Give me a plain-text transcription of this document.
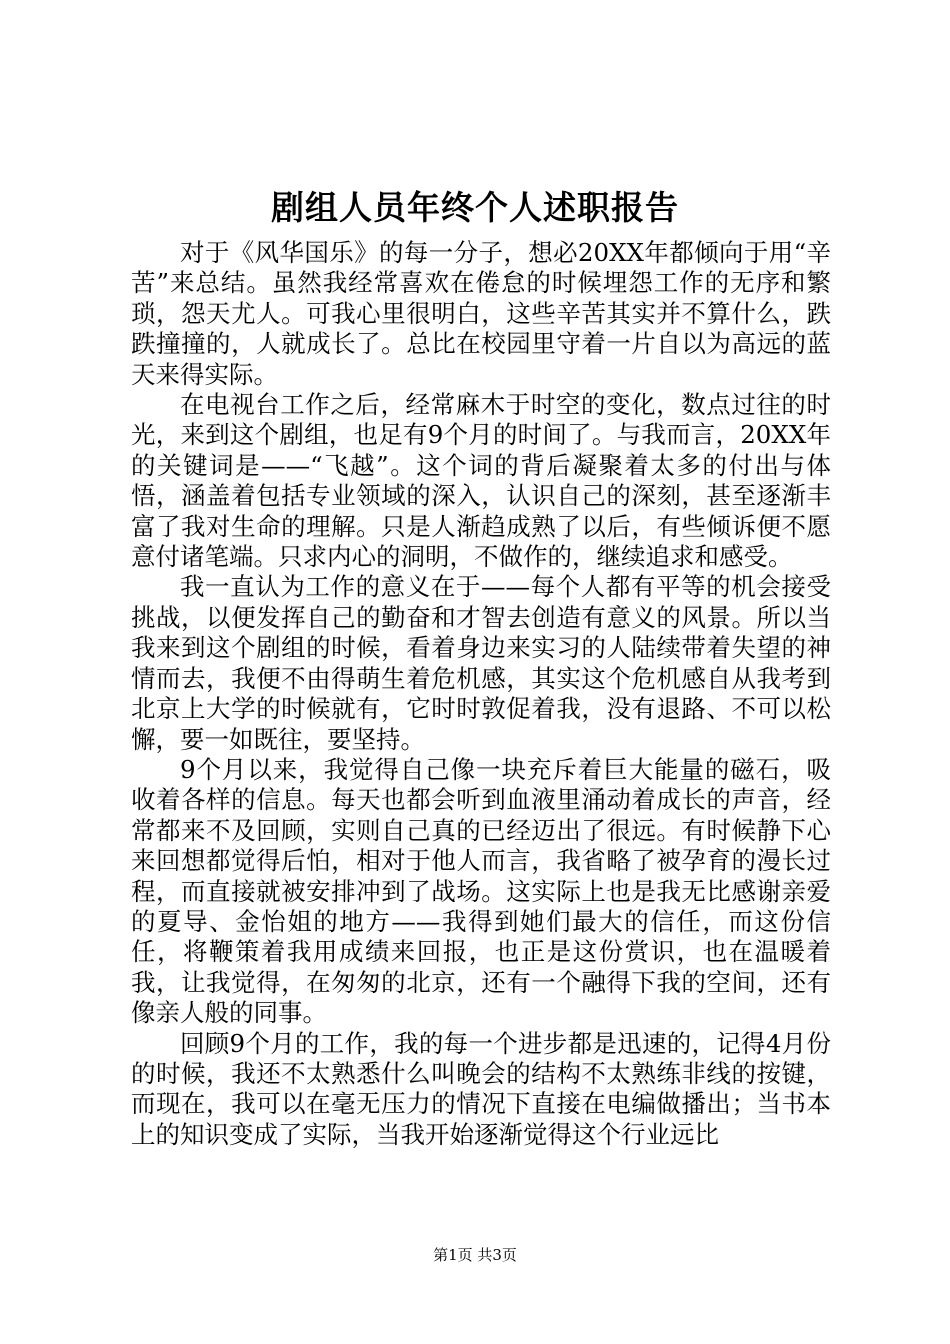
剧组人员年终个人述职报告

对于《风华国乐》的每一分子，想必20XX年都倾向于用“辛苦”来总结。虽然我经常喜欢在倦怠的时候埋怨工作的无序和繁琐，怨天尤人。可我心里很明白，这些辛苦其实并不算什么，跌跌撞撞的，人就成长了。总比在校园里守着一片自以为高远的蓝天来得实际。

在电视台工作之后，经常麻木于时空的变化，数点过往的时光，来到这个剧组，也足有9个月的时间了。与我而言，20XX年的关键词是——“飞越”。这个词的背后凝聚着太多的付出与体悟，涵盖着包括专业领域的深入，认识自己的深刻，甚至逐渐丰富了我对生命的理解。只是人渐趋成熟了以后，有些倾诉便不愿意付诸笔端。只求内心的洞明，不做作的，继续追求和感受。

我一直认为工作的意义在于——每个人都有平等的机会接受挑战，以便发挥自己的勤奋和才智去创造有意义的风景。所以当我来到这个剧组的时候，看着身边来实习的人陆续带着失望的神情而去，我便不由得萌生着危机感，其实这个危机感自从我考到北京上大学的时候就有，它时时敦促着我，没有退路、不可以松懈，要一如既往，要坚持。

9个月以来，我觉得自己像一块充斥着巨大能量的磁石，吸收着各样的信息。每天也都会听到血液里涌动着成长的声音，经常都来不及回顾，实则自己真的已经迈出了很远。有时候静下心来回想都觉得后怕，相对于他人而言，我省略了被孕育的漫长过程，而直接就被安排冲到了战场。这实际上也是我无比感谢亲爱的夏导、金怡姐的地方——我得到她们最大的信任，而这份信任，将鞭策着我用成绩来回报，也正是这份赏识，也在温暖着我，让我觉得，在匆匆的北京，还有一个融得下我的空间，还有像亲人般的同事。

回顾9个月的工作，我的每一个进步都是迅速的，记得4月份的时候，我还不太熟悉什么叫晚会的结构不太熟练非线的按键，而现在，我可以在毫无压力的情况下直接在电编做播出；当书本上的知识变成了实际，当我开始逐渐觉得这个行业远比

第1页 共3页
